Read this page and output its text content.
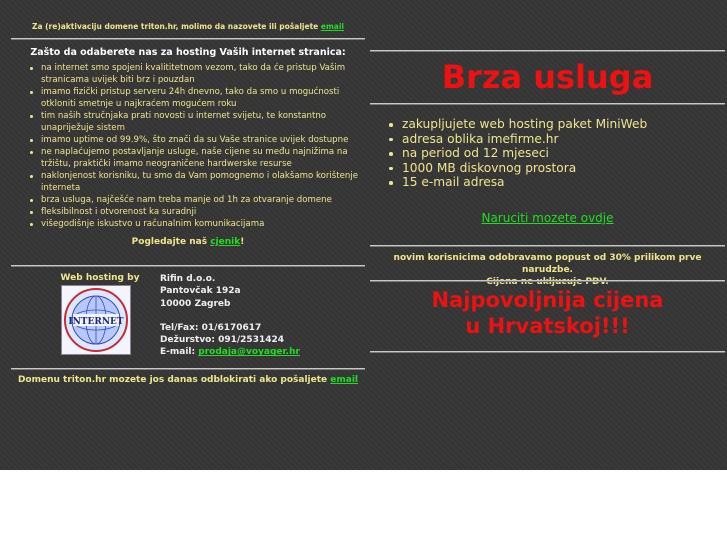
Za (re)aktivaciju domene triton.hr, molimo da nazovete ili pošaljete email
Zašto da odaberete nas za hosting Vaših internet stranica:
na internet smo spojeni kvalititetnom vezom, tako da će pristup Vašim stranicama uvijek biti brz i pouzdan
imamo fizički pristup serveru 24h dnevno, tako da smo u mogućnosti otkloniti smetnje u najkraćem mogućem roku
tim naših stručnjaka prati novosti u internet svijetu, te konstantno unapriježuje sistem
imamo uptime od 99.9%, što znači da su Vaše stranice uvijek dostupne
ne naplaćujemo postavljanje usluge, naše cijene su među najnižima na tržištu, praktički imamo neograničene hardwerske resurse
naklonjenost korisniku, tu smo da Vam pomognemo i olakšamo korištenje interneta
brza usluga, najčešće nam treba manje od 1h za otvaranje domene
fleksibilnost i otvorenost ka suradnji
višegodišnje iskustvo u računalnim komunikacijama
Pogledajte naš cjenik!
Web hosting by
INTERNET
Rifin d.o.o.
Pantovčak 192a
10000 Zagreb
Tel/Fax: 01/6170617
Dežurstvo: 091/2531424
E-mail: prodaja@voyager.hr
Domenu triton.hr mozete jos danas odblokirati ako pošaljete email
Brza usluga
zakupljujete web hosting paket MiniWeb
adresa oblika imefirme.hr
na period od 12 mjeseci
1000 MB diskovnog prostora
15 e-mail adresa
Naruciti mozete ovdje
novim korisnicima odobravamo popust od 30% prilikom prve narudzbe.
Cijena ne ukljucuje PDV.
Najpovoljnija cijena
u Hrvatskoj!!!
